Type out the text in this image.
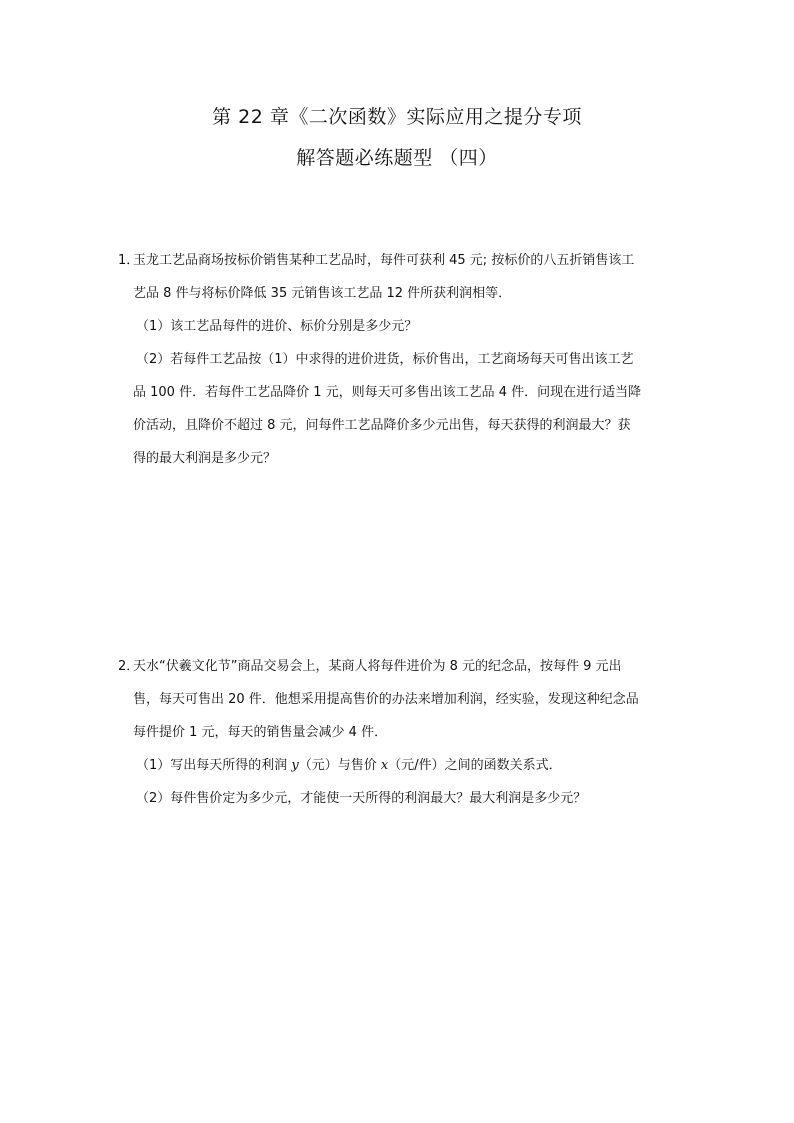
第 22 章《二次函数》实际应用之提分专项
解答题必练题型 （四）

1．玉龙工艺品商场按标价销售某种工艺品时，每件可获利 45 元; 按标价的八五折销售该工

艺品 8 件与将标价降低 35 元销售该工艺品 12 件所获利润相等．

（1）该工艺品每件的进价、标价分别是多少元？

（2）若每件工艺品按（1）中求得的进价进货，标价售出，工艺商场每天可售出该工艺

品 100 件．若每件工艺品降价 1 元，则每天可多售出该工艺品 4 件．问现在进行适当降

价活动，且降价不超过 8 元，问每件工艺品降价多少元出售，每天获得的利润最大？获

得的最大利润是多少元？

2．天水“伏羲文化节”商品交易会上，某商人将每件进价为 8 元的纪念品，按每件 9 元出

售，每天可售出 20 件．他想采用提高售价的办法来增加利润，经实验，发现这种纪念品

每件提价 1 元，每天的销售量会减少 4 件．

（1）写出每天所得的利润 y（元）与售价 x（元/件）之间的函数关系式．

（2）每件售价定为多少元，才能使一天所得的利润最大？最大利润是多少元？
